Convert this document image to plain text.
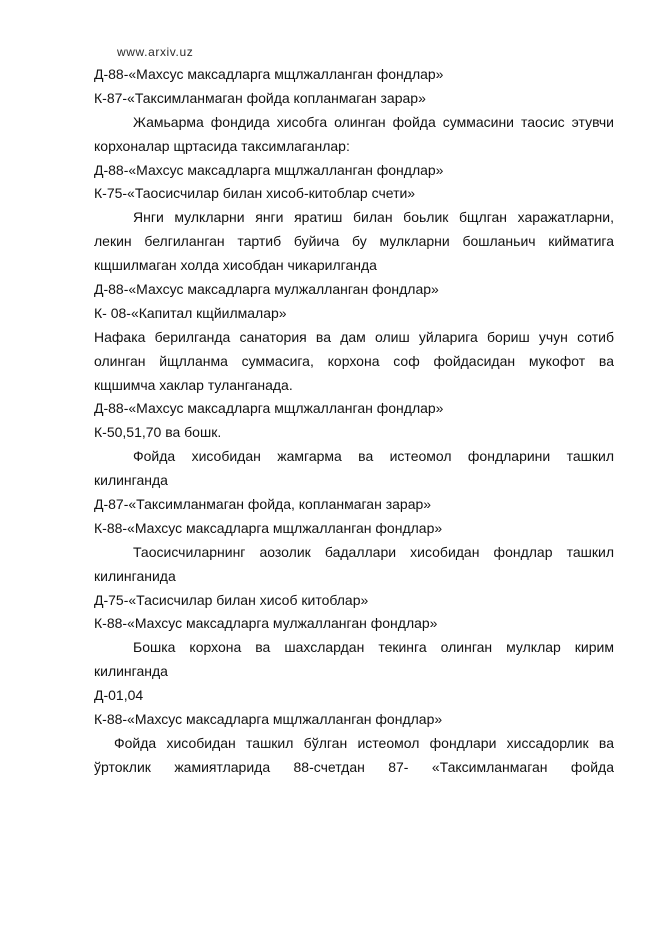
www.arxiv.uz
Д-88-«Махсус максадларга мщлжалланган фондлар»
К-87-«Таксимланмаган фойда копланмаган зарар»
Жамьарма фондида хисобга олинган фойда суммасини таосис этувчи
корхоналар щртасида таксимлаганлар:
Д-88-«Махсус максадларга мщлжалланган фондлар»
К-75-«Таосисчилар билан хисоб-китоблар счети»
Янги мулкларни янги яратиш билан боьлик бщлган харажатларни,
лекин белгиланган тартиб буйича бу мулкларни бошланьич кийматига
кщшилмаган холда хисобдан чикарилганда
Д-88-«Махсус максадларга мулжалланган фондлар»
К- 08-«Капитал кщйилмалар»
Нафака берилганда санатория ва дам олиш уйларига бориш учун сотиб
олинган йщлланма суммасига, корхона соф фойдасидан мукофот ва
кщшимча хаклар туланганада.
Д-88-«Махсус максадларга мщлжалланган фондлар»
К-50,51,70 ва бошк.
Фойда хисобидан жамгарма ва истеомол фондларини ташкил
килинганда
Д-87-«Таксимланмаган фойда, копланмаган зарар»
К-88-«Махсус максадларга мщлжалланган фондлар»
Таосисчиларнинг аозолик бадаллари хисобидан фондлар ташкил
килинганида
Д-75-«Тасисчилар билан хисоб китоблар»
К-88-«Махсус максадларга мулжалланган фондлар»
Бошка корхона ва шахслардан текинга олинган мулклар кирим
килинганда
Д-01,04
К-88-«Махсус максадларга мщлжалланган фондлар»
Фойда хисобидан ташкил бўлган истеомол фондлари хиссадорлик ва
ўртоклик жамиятларида 88-счетдан 87- «Таксимланмаган фойда
